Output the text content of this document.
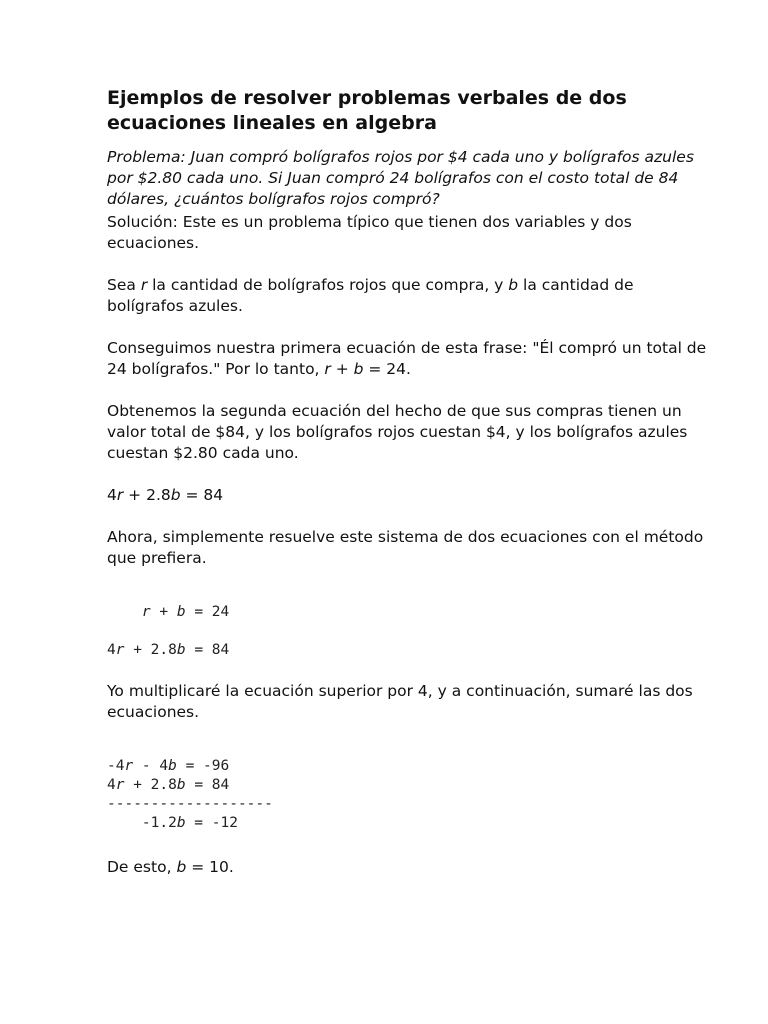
Ejemplos de resolver problemas verbales de dos ecuaciones lineales en algebra

Problema: Juan compró bolígrafos rojos por $4 cada uno y bolígrafos azules por $2.80 cada uno. Si Juan compró 24 bolígrafos con el costo total de 84 dólares, ¿cuántos bolígrafos rojos compró?

Solución: Este es un problema típico que tienen dos variables y dos ecuaciones.

Sea r la cantidad de bolígrafos rojos que compra, y b la cantidad de bolígrafos azules.

Conseguimos nuestra primera ecuación de esta frase: "Él compró un total de 24 bolígrafos." Por lo tanto, r + b = 24.

Obtenemos la segunda ecuación del hecho de que sus compras tienen un valor total de $84, y los bolígrafos rojos cuestan $4, y los bolígrafos azules cuestan $2.80 cada uno.

4r + 2.8b = 84

Ahora, simplemente resuelve este sistema de dos ecuaciones con el método que prefiera.

r + b = 24
4r + 2.8b = 84

Yo multiplicaré la ecuación superior por 4, y a continuación, sumaré las dos ecuaciones.

-4r - 4b = -96
4r + 2.8b = 84
-------------------
-1.2b = -12

De esto, b = 10.
